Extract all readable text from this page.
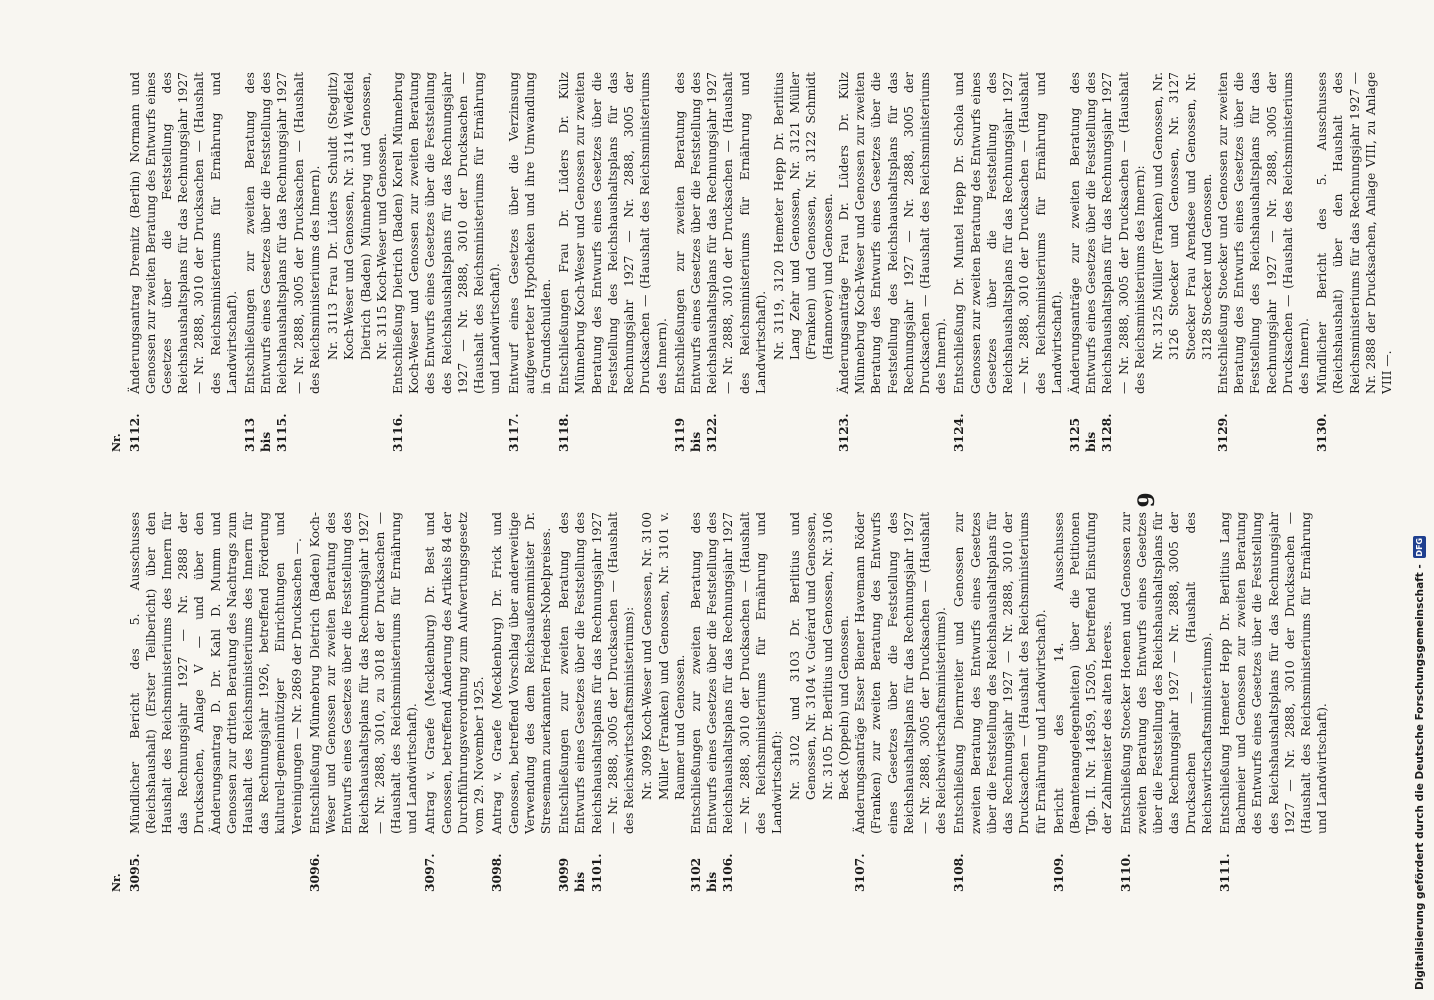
9
Nr. 3095.
Mündlicher Bericht des 5. Ausschusses (Reichshaushalt) (Erster Teilbericht) über den Haushalt des Reichsministeriums des Innern für das Rechnungsjahr 1927 — Nr. 2888 der Drucksachen, Anlage V — und über den Änderungsantrag D. Dr. Kahl D. Mumm und Genossen zur dritten Beratung des Nachtrags zum Haushalt des Reichsministeriums des Innern für das Rechnungsjahr 1926, betreffend Förderung kulturell-gemeinnütziger Einrichtungen und Vereinigungen — Nr. 2869 der Drucksachen —.
3096.
Entschließung Münnebrug Dietrich (Baden) Koch-Weser und Genossen zur zweiten Beratung des Entwurfs eines Gesetzes über die Feststellung des Reichshaushaltsplans für das Rechnungsjahr 1927 — Nr. 2888, 3010, zu 3018 der Drucksachen — (Haushalt des Reichsministeriums für Ernährung und Landwirtschaft).
3097.
Antrag v. Graefe (Mecklenburg) Dr. Best und Genossen, betreffend Änderung des Artikels 84 der Durchführungsverordnung zum Aufwertungsgesetz vom 29. November 1925.
3098.
Antrag v. Graefe (Mecklenburg) Dr. Frick und Genossen, betreffend Vorschlag über anderweitige Verwendung des dem Reichsaußenminister Dr. Stresemann zuerkannten Friedens-Nobelpreises.
3099 bis 3101.
Entschließungen zur zweiten Beratung des Entwurfs eines Gesetzes über die Feststellung des Reichshaushaltsplans für das Rechnungsjahr 1927 — Nr. 2888, 3005 der Drucksachen — (Haushalt des Reichswirtschaftsministeriums): Nr. 3099 Koch-Weser und Genossen, Nr. 3100 Müller (Franken) und Genossen, Nr. 3101 v. Raumer und Genossen.
3102 bis 3106.
Entschließungen zur zweiten Beratung des Entwurfs eines Gesetzes über die Feststellung des Reichshaushaltsplans für das Rechnungsjahr 1927 — Nr. 2888, 3010 der Drucksachen — (Haushalt des Reichsministeriums für Ernährung und Landwirtschaft): Nr. 3102 und 3103 Dr. Berlitius und Genossen, Nr. 3104 v. Guérard und Genossen, Nr. 3105 Dr. Berlitius und Genossen, Nr. 3106 Beck (Oppeln) und Genossen.
3107.
Änderungsanträge Esser Biener Havemann Röder (Franken) zur zweiten Beratung des Entwurfs eines Gesetzes über die Feststellung des Reichshaushaltsplans für das Rechnungsjahr 1927 — Nr. 2888, 3005 der Drucksachen — (Haushalt des Reichswirtschaftsministeriums).
3108.
Entschließung Diernreiter und Genossen zur zweiten Beratung des Entwurfs eines Gesetzes über die Feststellung des Reichshaushaltsplans für das Rechnungsjahr 1927 — Nr. 2888, 3010 der Drucksachen — (Haushalt des Reichsministeriums für Ernährung und Landwirtschaft).
3109.
Bericht des 14. Ausschusses (Beamtenangelegenheiten) über die Petitionen Tgb. II. Nr. 14859, 15205, betreffend Einstufung der Zahlmeister des alten Heeres.
3110.
Entschließung Stoecker Hoenen und Genossen zur zweiten Beratung des Entwurfs eines Gesetzes über die Feststellung des Reichshaushaltsplans für das Rechnungsjahr 1927 — Nr. 2888, 3005 der Drucksachen — (Haushalt des Reichswirtschaftsministeriums).
3111.
Entschließung Hemeter Hepp Dr. Berlitius Lang Bachmeier und Genossen zur zweiten Beratung des Entwurfs eines Gesetzes über die Feststellung des Reichshaushaltsplans für das Rechnungsjahr 1927 — Nr. 2888, 3010 der Drucksachen — (Haushalt des Reichsministeriums für Ernährung und Landwirtschaft).
Nr. 3112.
Änderungsantrag Dremitz (Berlin) Normann und Genossen zur zweiten Beratung des Entwurfs eines Gesetzes über die Feststellung des Reichshaushaltsplans für das Rechnungsjahr 1927 — Nr. 2888, 3010 der Drucksachen — (Haushalt des Reichsministeriums für Ernährung und Landwirtschaft).
3113 bis 3115.
Entschließungen zur zweiten Beratung des Entwurfs eines Gesetzes über die Feststellung des Reichshaushaltsplans für das Rechnungsjahr 1927 — Nr. 2888, 3005 der Drucksachen — (Haushalt des Reichsministeriums des Innern). Nr. 3113 Frau Dr. Lüders Schuldt (Steglitz) Koch-Weser und Genossen, Nr. 3114 Wiedfeld Dietrich (Baden) Münnebrug und Genossen, Nr. 3115 Koch-Weser und Genossen.
3116.
Entschließung Dietrich (Baden) Korell Münnebrug Koch-Weser und Genossen zur zweiten Beratung des Entwurfs eines Gesetzes über die Feststellung des Reichshaushaltsplans für das Rechnungsjahr 1927 — Nr. 2888, 3010 der Drucksachen — (Haushalt des Reichsministeriums für Ernährung und Landwirtschaft).
3117.
Entwurf eines Gesetzes über die Verzinsung aufgewerteter Hypotheken und ihre Umwandlung in Grundschulden.
3118.
Entschließungen Frau Dr. Lüders Dr. Külz Münnebrug Koch-Weser und Genossen zur zweiten Beratung des Entwurfs eines Gesetzes über die Feststellung des Reichshaushaltsplans für das Rechnungsjahr 1927 — Nr. 2888, 3005 der Drucksachen — (Haushalt des Reichsministeriums des Innern).
3119 bis 3122.
Entschließungen zur zweiten Beratung des Entwurfs eines Gesetzes über die Feststellung des Reichshaushaltsplans für das Rechnungsjahr 1927 — Nr. 2888, 3010 der Drucksachen — (Haushalt des Reichsministeriums für Ernährung und Landwirtschaft). Nr. 3119, 3120 Hemeter Hepp Dr. Berlitius Lang Zehr und Genossen, Nr. 3121 Müller (Franken) und Genossen, Nr. 3122 Schmidt (Hannover) und Genossen.
3123.
Änderungsanträge Frau Dr. Lüders Dr. Külz Münnebrug Koch-Weser und Genossen zur zweiten Beratung des Entwurfs eines Gesetzes über die Feststellung des Reichshaushaltsplans für das Rechnungsjahr 1927 — Nr. 2888, 3005 der Drucksachen — (Haushalt des Reichsministeriums des Innern).
3124.
Entschließung Dr. Muntel Hepp Dr. Schola und Genossen zur zweiten Beratung des Entwurfs eines Gesetzes über die Feststellung des Reichshaushaltsplans für das Rechnungsjahr 1927 — Nr. 2888, 3010 der Drucksachen — (Haushalt des Reichsministeriums für Ernährung und Landwirtschaft).
3125 bis 3128.
Änderungsanträge zur zweiten Beratung des Entwurfs eines Gesetzes über die Feststellung des Reichshaushaltsplans für das Rechnungsjahr 1927 — Nr. 2888, 3005 der Drucksachen — (Haushalt des Reichsministeriums des Innern): Nr. 3125 Müller (Franken) und Genossen, Nr. 3126 Stoecker und Genossen, Nr. 3127 Stoecker Frau Arendsee und Genossen, Nr. 3128 Stoecker und Genossen.
3129.
Entschließung Stoecker und Genossen zur zweiten Beratung des Entwurfs eines Gesetzes über die Feststellung des Reichshaushaltsplans für das Rechnungsjahr 1927 — Nr. 2888, 3005 der Drucksachen — (Haushalt des Reichsministeriums des Innern).
3130.
Mündlicher Bericht des 5. Ausschusses (Reichshaushalt) über den Haushalt des Reichsministeriums für das Rechnungsjahr 1927 — Nr. 2888 der Drucksachen, Anlage VIII, zu Anlage VIII —.
Digitalisierung gefördert durch die Deutsche Forschungsgemeinschaft -
DFG
